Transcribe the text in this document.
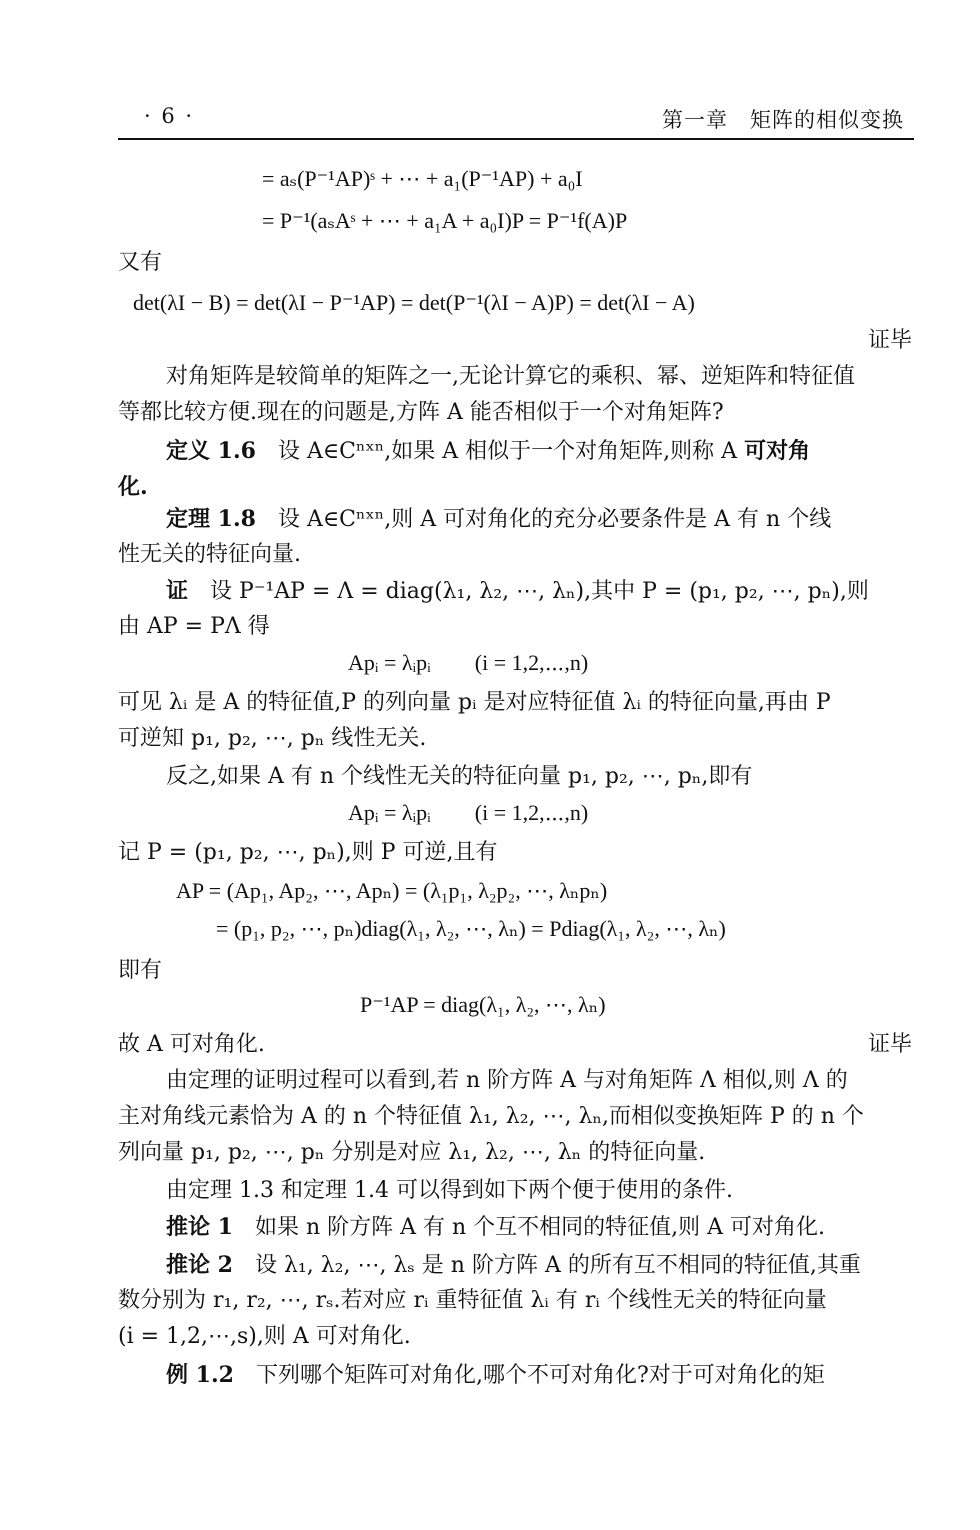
· 6 ·	第一章　矩阵的相似变换
= aₛ(P⁻¹AP)ˢ + ⋯ + a₁(P⁻¹AP) + a₀I
= P⁻¹(aₛAˢ + ⋯ + a₁A + a₀I)P = P⁻¹f(A)P
又有
det(λI − B) = det(λI − P⁻¹AP) = det(P⁻¹(λI − A)P) = det(λI − A)
证毕
对角矩阵是较简单的矩阵之一,无论计算它的乘积、幂、逆矩阵和特征值
等都比较方便.现在的问题是,方阵 A 能否相似于一个对角矩阵?
定义 1.6　 设 A∈Cⁿˣⁿ,如果 A 相似于一个对角矩阵,则称 A 可对角
化.
定理 1.8　 设 A∈Cⁿˣⁿ,则 A 可对角化的充分必要条件是 A 有 n 个线
性无关的特征向量.
证　 设 P⁻¹AP = Λ = diag(λ₁, λ₂, ⋯, λₙ),其中 P = (p₁, p₂, ⋯, pₙ),则
由 AP = PΛ 得
Apᵢ = λᵢpᵢ　　(i = 1,2,⋯,n)
可见 λᵢ 是 A 的特征值,P 的列向量 pᵢ 是对应特征值 λᵢ 的特征向量,再由 P
可逆知 p₁, p₂, ⋯, pₙ 线性无关.
反之,如果 A 有 n 个线性无关的特征向量 p₁, p₂, ⋯, pₙ,即有
Apᵢ = λᵢpᵢ　　(i = 1,2,⋯,n)
记 P = (p₁, p₂, ⋯, pₙ),则 P 可逆,且有
AP = (Ap₁, Ap₂, ⋯, Apₙ) = (λ₁p₁, λ₂p₂, ⋯, λₙpₙ)
= (p₁, p₂, ⋯, pₙ)diag(λ₁, λ₂, ⋯, λₙ) = Pdiag(λ₁, λ₂, ⋯, λₙ)
即有
P⁻¹AP = diag(λ₁, λ₂, ⋯, λₙ)
故 A 可对角化.	证毕
由定理的证明过程可以看到,若 n 阶方阵 A 与对角矩阵 Λ 相似,则 Λ 的
主对角线元素恰为 A 的 n 个特征值 λ₁, λ₂, ⋯, λₙ,而相似变换矩阵 P 的 n 个
列向量 p₁, p₂, ⋯, pₙ 分别是对应 λ₁, λ₂, ⋯, λₙ 的特征向量.
由定理 1.3 和定理 1.4 可以得到如下两个便于使用的条件.
推论 1　 如果 n 阶方阵 A 有 n 个互不相同的特征值,则 A 可对角化.
推论 2　 设 λ₁, λ₂, ⋯, λₛ 是 n 阶方阵 A 的所有互不相同的特征值,其重
数分别为 r₁, r₂, ⋯, rₛ.若对应 rᵢ 重特征值 λᵢ 有 rᵢ 个线性无关的特征向量
(i = 1,2,⋯,s),则 A 可对角化.
例 1.2　 下列哪个矩阵可对角化,哪个不可对角化?对于可对角化的矩
